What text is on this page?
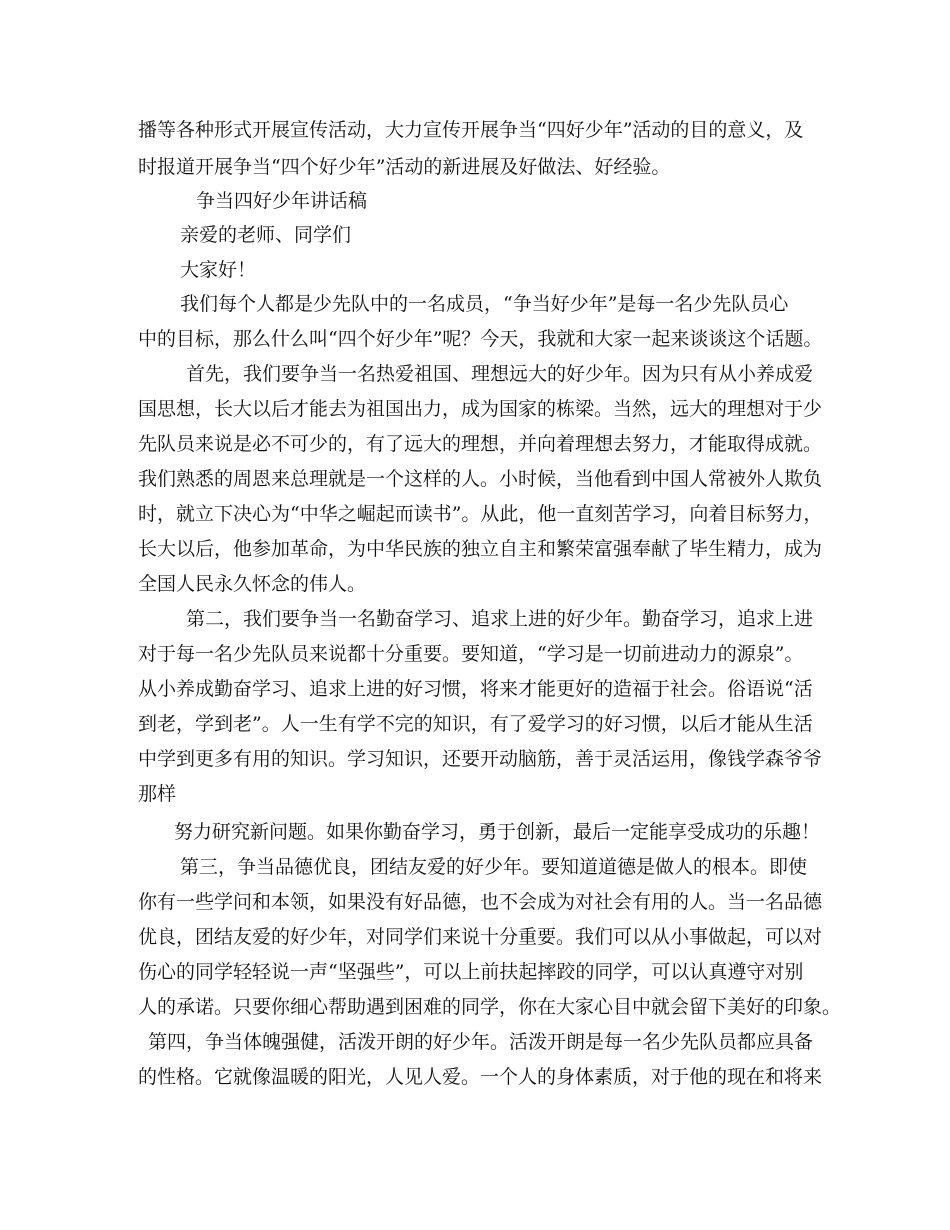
播等各种形式开展宣传活动，大力宣传开展争当“四好少年”活动的目的意义，及
时报道开展争当“四个好少年”活动的新进展及好做法、好经验。
争当四好少年讲话稿
亲爱的老师、同学们
大家好！
我们每个人都是少先队中的一名成员，“争当好少年”是每一名少先队员心
中的目标，那么什么叫“四个好少年”呢？今天，我就和大家一起来谈谈这个话题。
首先，我们要争当一名热爱祖国、理想远大的好少年。因为只有从小养成爱
国思想，长大以后才能去为祖国出力，成为国家的栋梁。当然，远大的理想对于少
先队员来说是必不可少的，有了远大的理想，并向着理想去努力，才能取得成就。
我们熟悉的周恩来总理就是一个这样的人。小时候，当他看到中国人常被外人欺负
时，就立下决心为“中华之崛起而读书”。从此，他一直刻苦学习，向着目标努力，
长大以后，他参加革命，为中华民族的独立自主和繁荣富强奉献了毕生精力，成为
全国人民永久怀念的伟人。
第二，我们要争当一名勤奋学习、追求上进的好少年。勤奋学习，追求上进
对于每一名少先队员来说都十分重要。要知道，“学习是一切前进动力的源泉”。
从小养成勤奋学习、追求上进的好习惯，将来才能更好的造福于社会。俗语说“活
到老，学到老”。人一生有学不完的知识，有了爱学习的好习惯，以后才能从生活
中学到更多有用的知识。学习知识，还要开动脑筋，善于灵活运用，像钱学森爷爷
那样
努力研究新问题。如果你勤奋学习，勇于创新，最后一定能享受成功的乐趣！
第三，争当品德优良，团结友爱的好少年。要知道道德是做人的根本。即使
你有一些学问和本领，如果没有好品德，也不会成为对社会有用的人。当一名品德
优良，团结友爱的好少年，对同学们来说十分重要。我们可以从小事做起，可以对
伤心的同学轻轻说一声“坚强些”，可以上前扶起摔跤的同学，可以认真遵守对别
人的承诺。只要你细心帮助遇到困难的同学，你在大家心目中就会留下美好的印象。
第四，争当体魄强健，活泼开朗的好少年。活泼开朗是每一名少先队员都应具备
的性格。它就像温暖的阳光，人见人爱。一个人的身体素质，对于他的现在和将来
